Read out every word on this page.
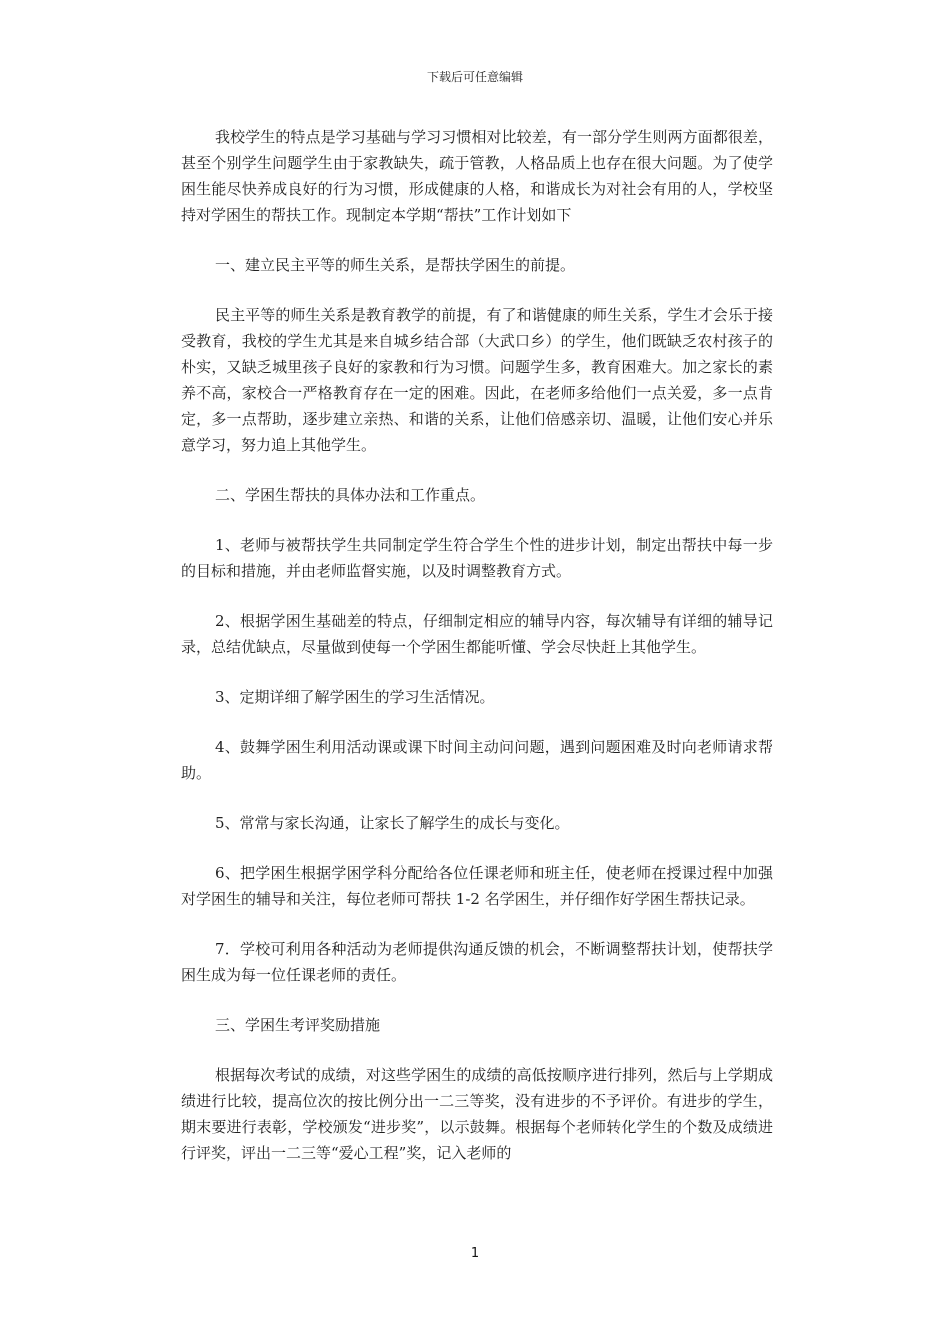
下载后可任意编辑

我校学生的特点是学习基础与学习习惯相对比较差，有一部分学生则两方面都很差，甚至个别学生问题学生由于家教缺失，疏于管教，人格品质上也存在很大问题。为了使学困生能尽快养成良好的行为习惯，形成健康的人格，和谐成长为对社会有用的人，学校坚持对学困生的帮扶工作。现制定本学期“帮扶”工作计划如下

一、建立民主平等的师生关系，是帮扶学困生的前提。

民主平等的师生关系是教育教学的前提，有了和谐健康的师生关系，学生才会乐于接受教育，我校的学生尤其是来自城乡结合部（大武口乡）的学生，他们既缺乏农村孩子的朴实，又缺乏城里孩子良好的家教和行为习惯。问题学生多，教育困难大。加之家长的素养不高，家校合一严格教育存在一定的困难。因此，在老师多给他们一点关爱，多一点肯定，多一点帮助，逐步建立亲热、和谐的关系，让他们倍感亲切、温暖，让他们安心并乐意学习，努力追上其他学生。

二、学困生帮扶的具体办法和工作重点。

1、老师与被帮扶学生共同制定学生符合学生个性的进步计划，制定出帮扶中每一步的目标和措施，并由老师监督实施，以及时调整教育方式。

2、根据学困生基础差的特点，仔细制定相应的辅导内容，每次辅导有详细的辅导记录，总结优缺点，尽量做到使每一个学困生都能听懂、学会尽快赶上其他学生。

3、定期详细了解学困生的学习生活情况。

4、鼓舞学困生利用活动课或课下时间主动问问题，遇到问题困难及时向老师请求帮助。

5、常常与家长沟通，让家长了解学生的成长与变化。

6、把学困生根据学困学科分配给各位任课老师和班主任，使老师在授课过程中加强对学困生的辅导和关注，每位老师可帮扶 1-2 名学困生，并仔细作好学困生帮扶记录。

7．学校可利用各种活动为老师提供沟通反馈的机会，不断调整帮扶计划，使帮扶学困生成为每一位任课老师的责任。

三、学困生考评奖励措施

根据每次考试的成绩，对这些学困生的成绩的高低按顺序进行排列，然后与上学期成绩进行比较，提高位次的按比例分出一二三等奖，没有进步的不予评价。有进步的学生，期末要进行表彰，学校颁发“进步奖”，以示鼓舞。根据每个老师转化学生的个数及成绩进行评奖，评出一二三等“爱心工程”奖，记入老师的

1
